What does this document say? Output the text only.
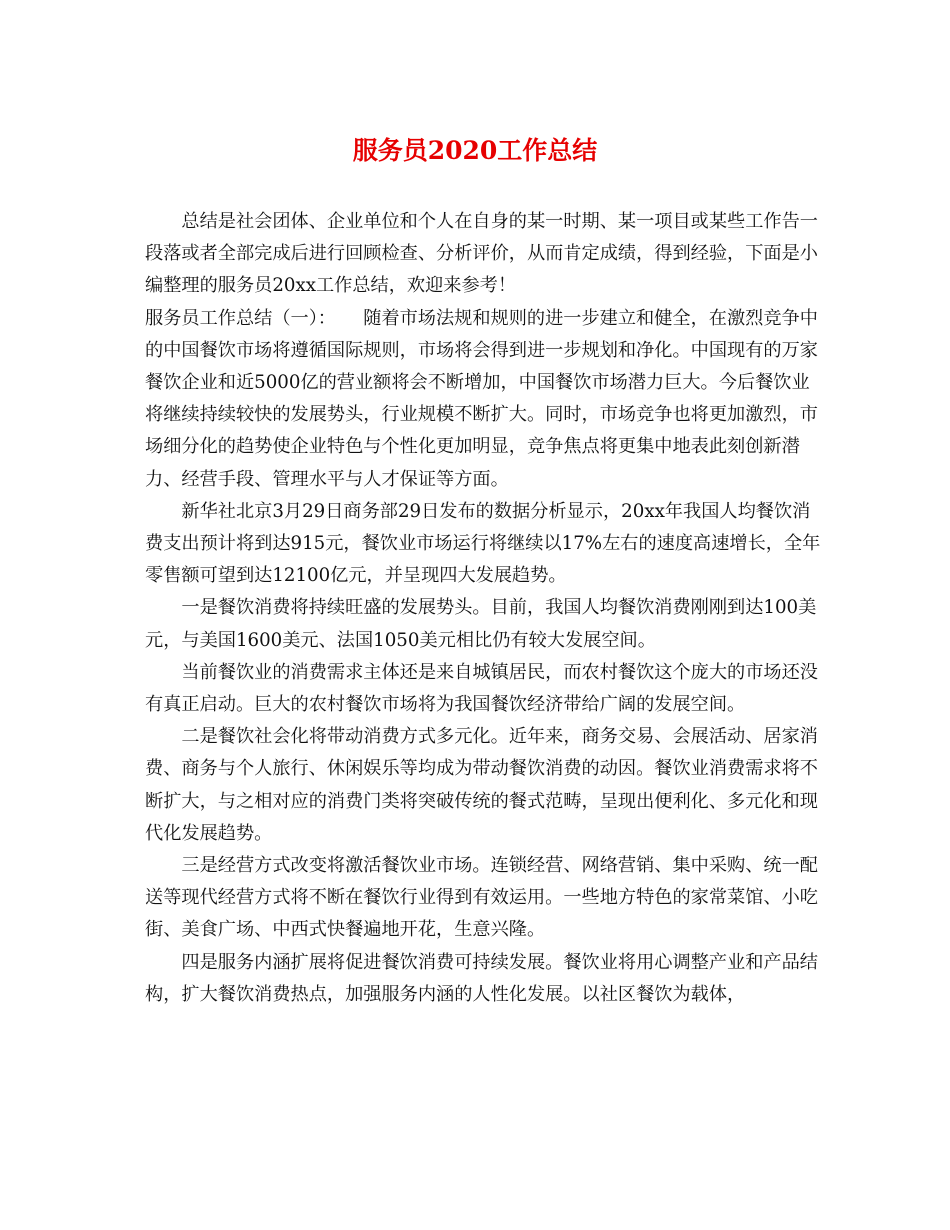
服务员2020工作总结

总结是社会团体、企业单位和个人在自身的某一时期、某一项目或某些工作告一段落或者全部完成后进行回顾检查、分析评价，从而肯定成绩，得到经验，下面是小编整理的服务员20xx工作总结，欢迎来参考！

服务员工作总结（一）：　　随着市场法规和规则的进一步建立和健全，在激烈竞争中的中国餐饮市场将遵循国际规则，市场将会得到进一步规划和净化。中国现有的万家餐饮企业和近5000亿的营业额将会不断增加，中国餐饮市场潜力巨大。今后餐饮业将继续持续较快的发展势头，行业规模不断扩大。同时，市场竞争也将更加激烈，市场细分化的趋势使企业特色与个性化更加明显，竞争焦点将更集中地表此刻创新潜力、经营手段、管理水平与人才保证等方面。

新华社北京3月29日商务部29日发布的数据分析显示，20xx年我国人均餐饮消费支出预计将到达915元，餐饮业市场运行将继续以17%左右的速度高速增长，全年零售额可望到达12100亿元，并呈现四大发展趋势。

一是餐饮消费将持续旺盛的发展势头。目前，我国人均餐饮消费刚刚到达100美元，与美国1600美元、法国1050美元相比仍有较大发展空间。

当前餐饮业的消费需求主体还是来自城镇居民，而农村餐饮这个庞大的市场还没有真正启动。巨大的农村餐饮市场将为我国餐饮经济带给广阔的发展空间。

二是餐饮社会化将带动消费方式多元化。近年来，商务交易、会展活动、居家消费、商务与个人旅行、休闲娱乐等均成为带动餐饮消费的动因。餐饮业消费需求将不断扩大，与之相对应的消费门类将突破传统的餐式范畴，呈现出便利化、多元化和现代化发展趋势。

三是经营方式改变将激活餐饮业市场。连锁经营、网络营销、集中采购、统一配送等现代经营方式将不断在餐饮行业得到有效运用。一些地方特色的家常菜馆、小吃街、美食广场、中西式快餐遍地开花，生意兴隆。

四是服务内涵扩展将促进餐饮消费可持续发展。餐饮业将用心调整产业和产品结构，扩大餐饮消费热点，加强服务内涵的人性化发展。以社区餐饮为载体，
